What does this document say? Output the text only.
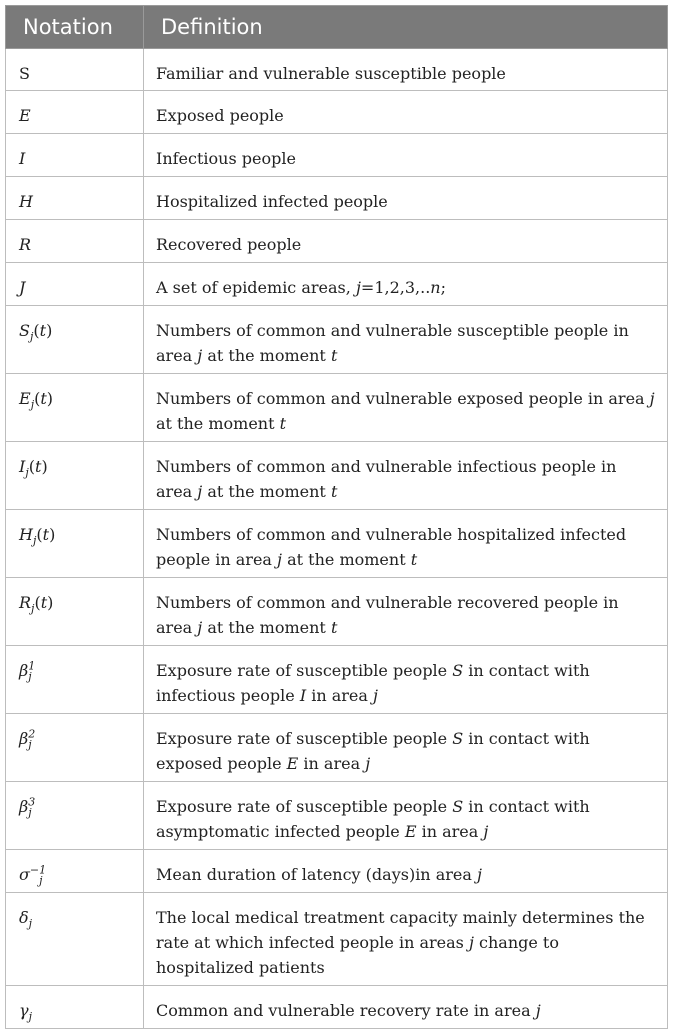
Notation	Definition
S	Familiar and vulnerable susceptible people
E	Exposed people
I	Infectious people
H	Hospitalized infected people
R	Recovered people
J	A set of epidemic areas, j=1,2,3,..n;
$S_j(t)$	Numbers of common and vulnerable susceptible people in area j at the moment t
$E_j(t)$	Numbers of common and vulnerable exposed people in area j at the moment t
$I_j(t)$	Numbers of common and vulnerable infectious people in area j at the moment t
$H_j(t)$	Numbers of common and vulnerable hospitalized infected people in area j at the moment t
$R_j(t)$	Numbers of common and vulnerable recovered people in area j at the moment t
$\beta^1_j$	Exposure rate of susceptible people S in contact with infectious people I in area j
$\beta^2_j$	Exposure rate of susceptible people S in contact with exposed people E in area j
$\beta^3_j$	Exposure rate of susceptible people S in contact with asymptomatic infected people E in area j
$\sigma^{-1}_j$	Mean duration of latency (days)in area j
$\delta_j$	The local medical treatment capacity mainly determines the rate at which infected people in areas j change to hospitalized patients
$\gamma_j$	Common and vulnerable recovery rate in area j
